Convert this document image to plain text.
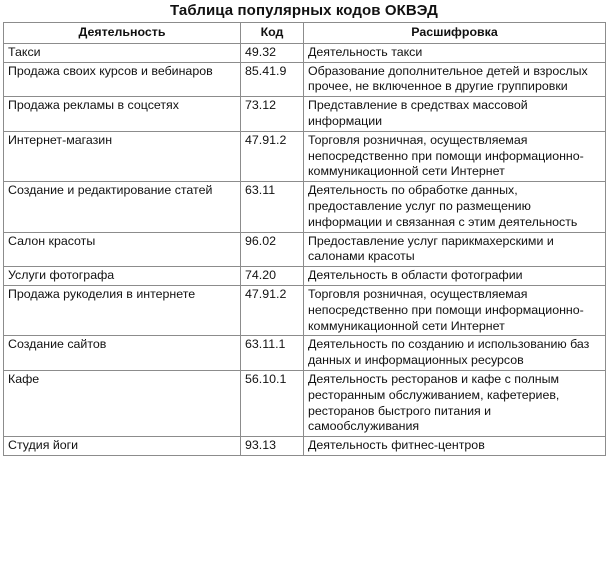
Таблица популярных кодов ОКВЭД
Деятельность	Код	Расшифровка
Такси	49.32	Деятельность такси
Продажа своих курсов и вебинаров	85.41.9	Образование дополнительное детей и взрослых прочее, не включенное в другие группировки
Продажа рекламы в соцсетях	73.12	Представление в средствах массовой информации
Интернет-магазин	47.91.2	Торговля розничная, осуществляемая непосредственно при помощи информационно-коммуникационной сети Интернет
Создание и редактирование статей	63.11	Деятельность по обработке данных, предоставление услуг по размещению информации и связанная с этим деятельность
Салон красоты	96.02	Предоставление услуг парикмахерскими и салонами красоты
Услуги фотографа	74.20	Деятельность в области фотографии
Продажа рукоделия в интернете	47.91.2	Торговля розничная, осуществляемая непосредственно при помощи информационно-коммуникационной сети Интернет
Создание сайтов	63.11.1	Деятельность по созданию и использованию баз данных и информационных ресурсов
Кафе	56.10.1	Деятельность ресторанов и кафе с полным ресторанным обслуживанием, кафетериев, ресторанов быстрого питания и самообслуживания
Студия йоги	93.13	Деятельность фитнес-центров
